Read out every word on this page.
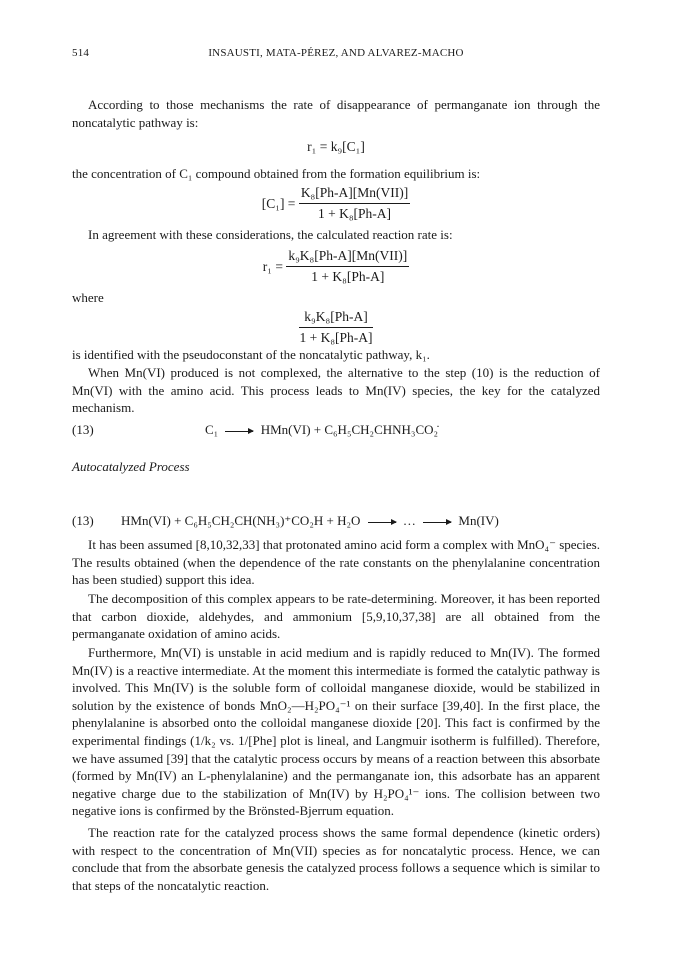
514	INSAUSTI, MATA-PÉREZ, AND ALVAREZ-MACHO

According to those mechanisms the rate of disappearance of permanganate ion through the noncatalytic pathway is:

r₁ = k₉[C₁]

the concentration of C₁ compound obtained from the formation equilibrium is:

$[C_1] = \frac{\text{K₈[Ph-A][Mn(VII)]}}{\text{1 + K₈[Ph-A]}}$

In agreement with these considerations, the calculated reaction rate is:

$r_1 = \frac{\text{k₉K₈[Ph-A][Mn(VII)]}}{\text{1 + K₈[Ph-A]}}$

where

$\frac{\text{k₉K₈[Ph-A]}}{\text{1 + K₈[Ph-A]}}$

is identified with the pseudoconstant of the noncatalytic pathway, k₁.

When Mn(VI) produced is not complexed, the alternative to the step (10) is the reduction of Mn(VI) with the amino acid. This process leads to Mn(IV) species, the key for the catalyzed mechanism.

(13)	C₁ → HMn(VI) + C₆H₅CH₂CHNH₃CO₂̇
Autocatalyzed Process
(13) HMn(VI) + C₆H₅CH₂CH(NH₃)⁺CO₂H + H₂O → … → Mn(IV)

It has been assumed [8,10,32,33] that protonated amino acid form a complex with MnO₄⁻ species. The results obtained (when the dependence of the rate constants on the phenylalanine concentration has been studied) support this idea.

The decomposition of this complex appears to be rate-determining. Moreover, it has been reported that carbon dioxide, aldehydes, and ammonium [5,9,10,37,38] are all obtained from the permanganate oxidation of amino acids.

Furthermore, Mn(VI) is unstable in acid medium and is rapidly reduced to Mn(IV). The formed Mn(IV) is a reactive intermediate. At the moment this intermediate is formed the catalytic pathway is involved. This Mn(IV) is the soluble form of colloidal manganese dioxide, would be stabilized in solution by the existence of bonds MnO₂—H₂PO₄⁻¹ on their surface [39,40]. In the first place, the phenylalanine is absorbed onto the colloidal manganese dioxide [20]. This fact is confirmed by the experimental findings (1/k₂ vs. 1/[Phe] plot is lineal, and Langmuir isotherm is fulfilled). Therefore, we have assumed [39] that the catalytic process occurs by means of a reaction between this absorbate (formed by Mn(IV) an L-phenylalanine) and the permanganate ion, this adsorbate has an apparent negative charge due to the stabilization of Mn(IV) by H₂PO₄¹⁻ ions. The collision between two negative ions is confirmed by the Brönsted-Bjerrum equation.

The reaction rate for the catalyzed process shows the same formal dependence (kinetic orders) with respect to the concentration of Mn(VII) species as for noncatalytic process. Hence, we can conclude that from the absorbate genesis the catalyzed process follows a sequence which is similar to that steps of the noncatalytic reaction.
